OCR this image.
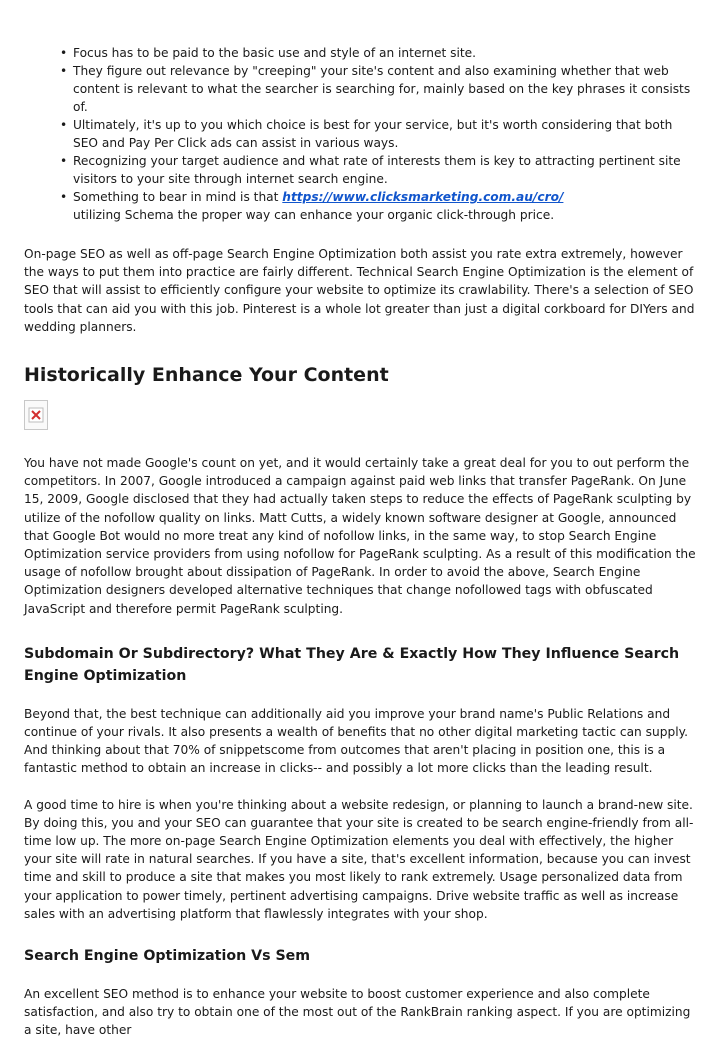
• Focus has to be paid to the basic use and style of an internet site.
• They figure out relevance by "creeping" your site's content and also examining whether that web content is relevant to what the searcher is searching for, mainly based on the key phrases it consists of.
• Ultimately, it's up to you which choice is best for your service, but it's worth considering that both SEO and Pay Per Click ads can assist in various ways.
• Recognizing your target audience and what rate of interests them is key to attracting pertinent site visitors to your site through internet search engine.
• Something to bear in mind is that https://www.clicksmarketing.com.au/cro/
utilizing Schema the proper way can enhance your organic click-through price.

On-page SEO as well as off-page Search Engine Optimization both assist you rate extra extremely, however the ways to put them into practice are fairly different. Technical Search Engine Optimization is the element of SEO that will assist to efficiently configure your website to optimize its crawlability. There's a selection of SEO tools that can aid you with this job. Pinterest is a whole lot greater than just a digital corkboard for DIYers and wedding planners.

Historically Enhance Your Content

You have not made Google's count on yet, and it would certainly take a great deal for you to out perform the competitors. In 2007, Google introduced a campaign against paid web links that transfer PageRank. On June 15, 2009, Google disclosed that they had actually taken steps to reduce the effects of PageRank sculpting by utilize of the nofollow quality on links. Matt Cutts, a widely known software designer at Google, announced that Google Bot would no more treat any kind of nofollow links, in the same way, to stop Search Engine Optimization service providers from using nofollow for PageRank sculpting. As a result of this modification the usage of nofollow brought about dissipation of PageRank. In order to avoid the above, Search Engine Optimization designers developed alternative techniques that change nofollowed tags with obfuscated JavaScript and therefore permit PageRank sculpting.

Subdomain Or Subdirectory? What They Are & Exactly How They Influence Search Engine Optimization

Beyond that, the best technique can additionally aid you improve your brand name's Public Relations and continue of your rivals. It also presents a wealth of benefits that no other digital marketing tactic can supply. And thinking about that 70% of snippetscome from outcomes that aren't placing in position one, this is a fantastic method to obtain an increase in clicks-- and possibly a lot more clicks than the leading result.

A good time to hire is when you're thinking about a website redesign, or planning to launch a brand-new site. By doing this, you and your SEO can guarantee that your site is created to be search engine-friendly from all-time low up. The more on-page Search Engine Optimization elements you deal with effectively, the higher your site will rate in natural searches. If you have a site, that's excellent information, because you can invest time and skill to produce a site that makes you most likely to rank extremely. Usage personalized data from your application to power timely, pertinent advertising campaigns. Drive website traffic as well as increase sales with an advertising platform that flawlessly integrates with your shop.

Search Engine Optimization Vs Sem

An excellent SEO method is to enhance your website to boost customer experience and also complete satisfaction, and also try to obtain one of the most out of the RankBrain ranking aspect. If you are optimizing a site, have other
